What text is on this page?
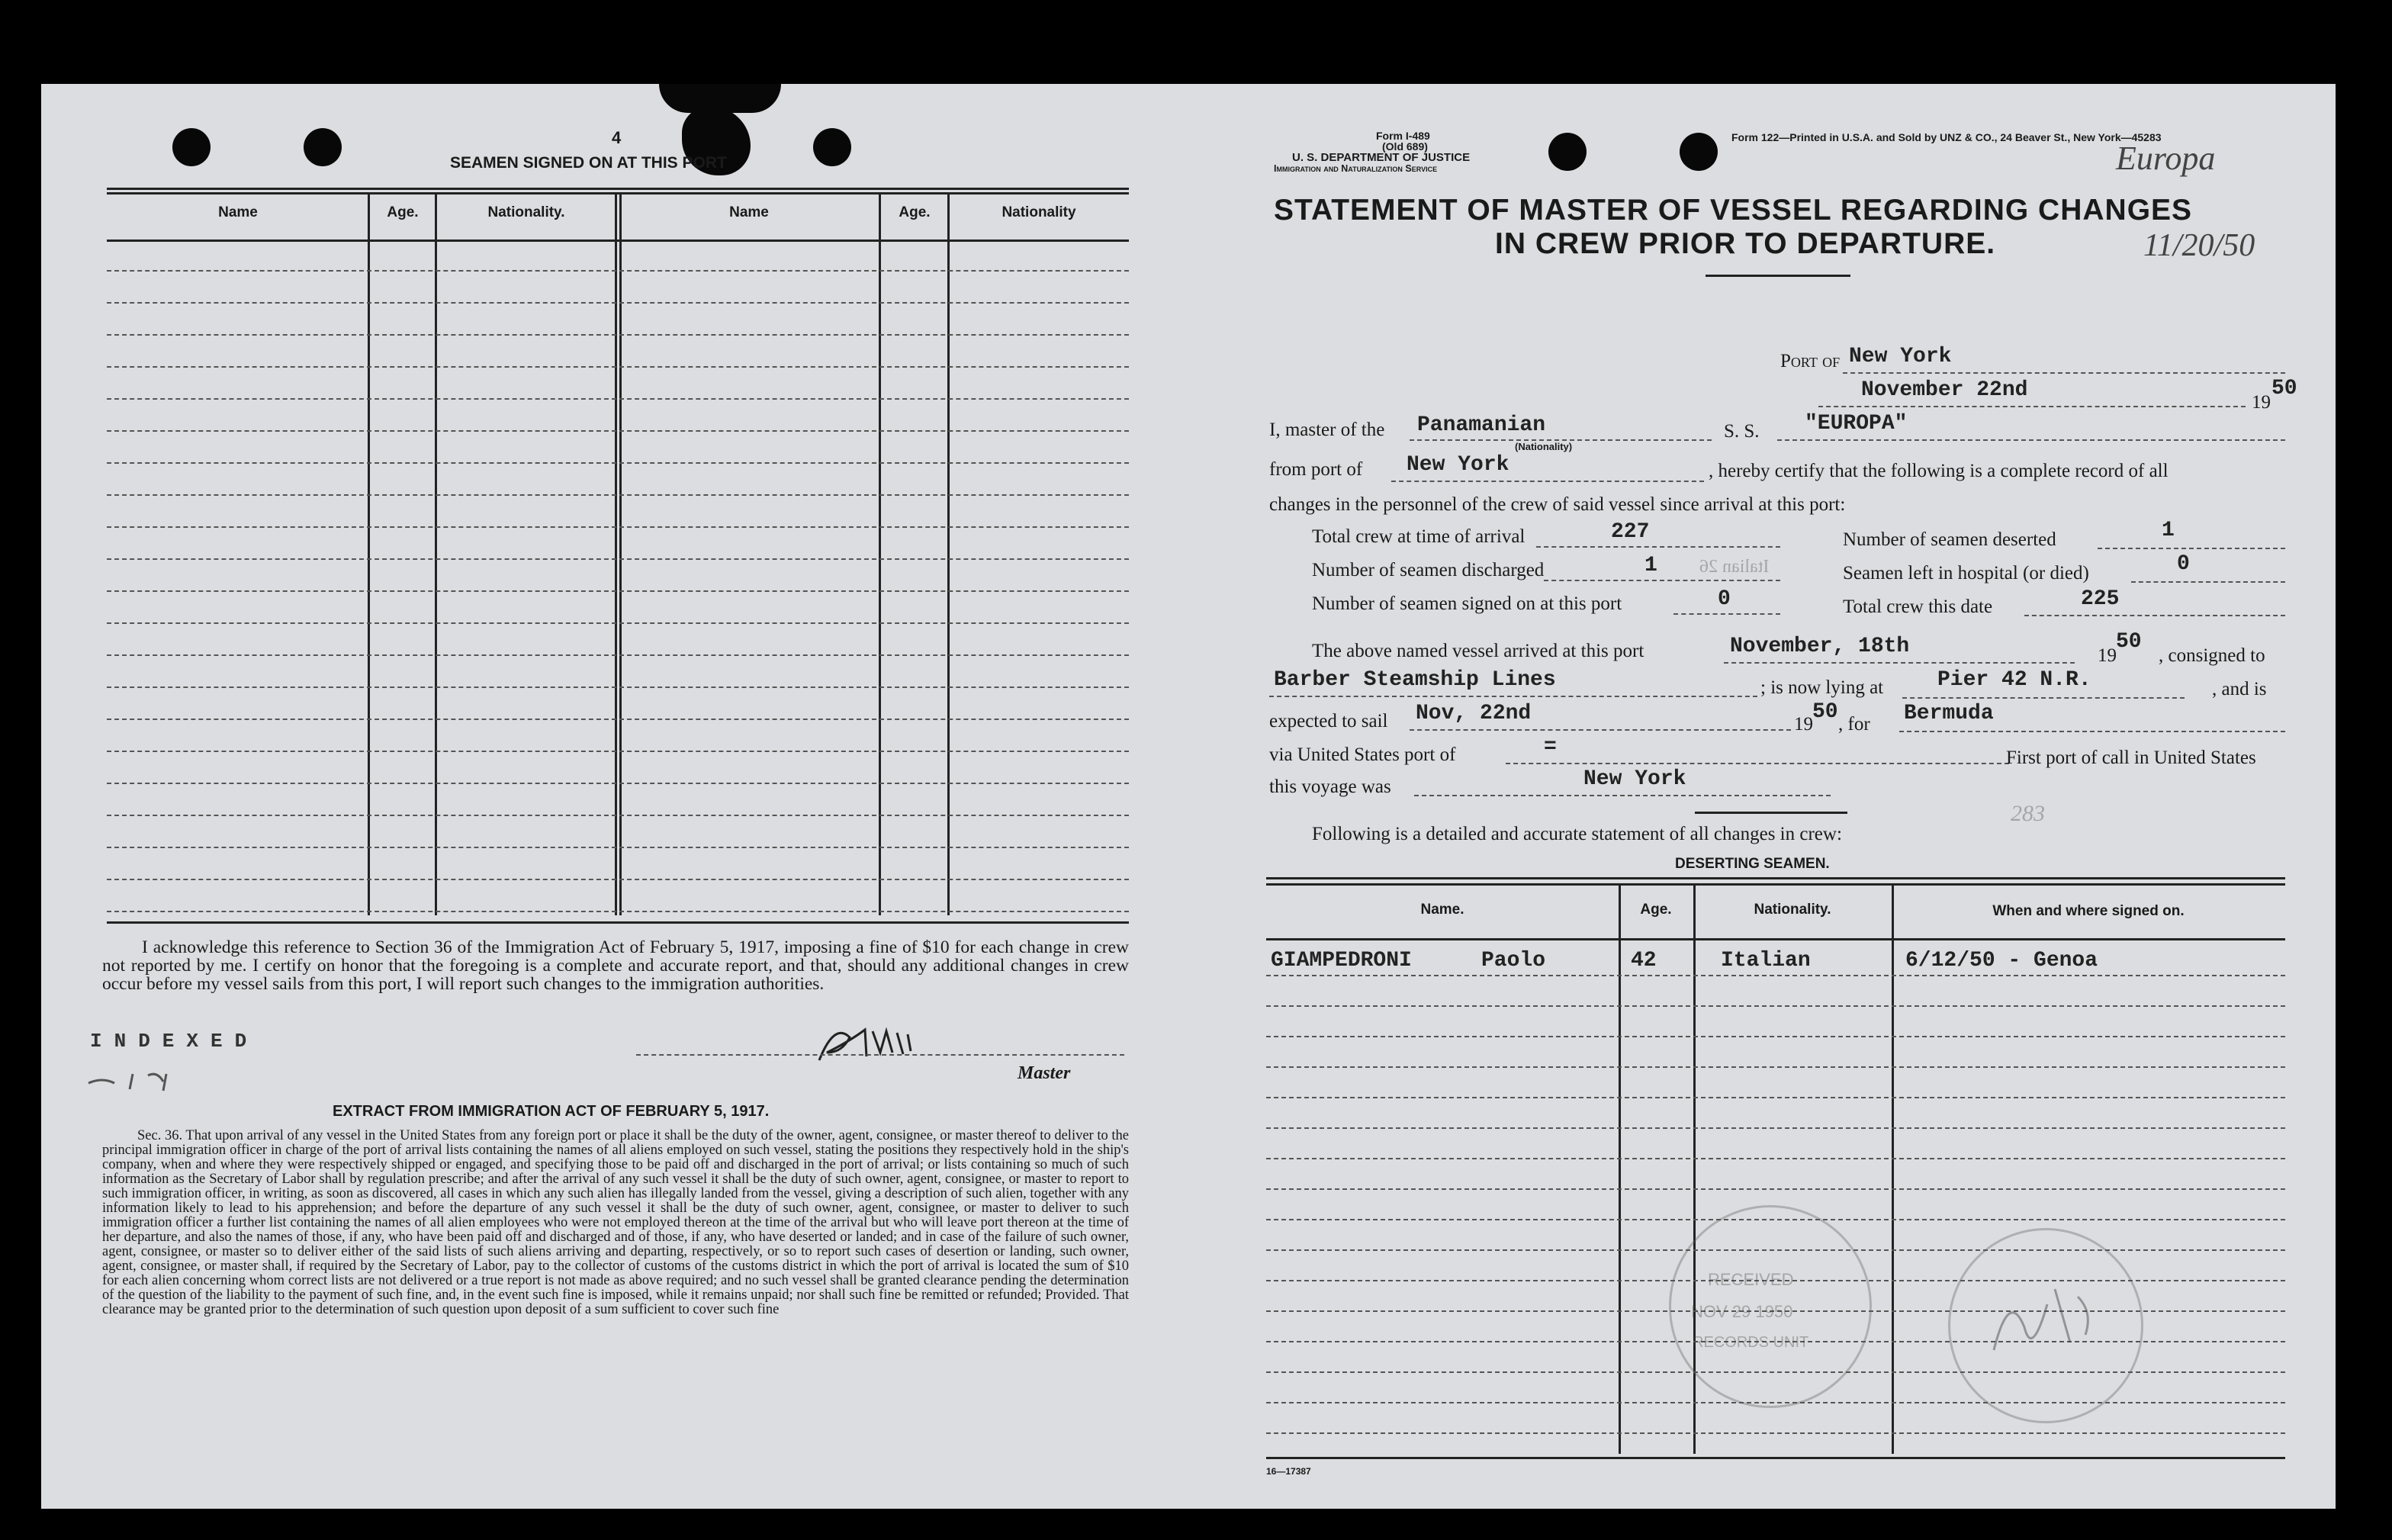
4
SEAMEN SIGNED ON AT THIS PORT
Name	Age.	Nationality.	Name	Age.	Nationality
I acknowledge this reference to Section 36 of the Immigration Act of February 5, 1917, imposing a fine of $10 for each change in crew not reported by me. I certify on honor that the foregoing is a complete and accurate report, and that, should any additional changes in crew occur before my vessel sails from this port, I will report such changes to the immigration authorities.
INDEXED
Master
EXTRACT FROM IMMIGRATION ACT OF FEBRUARY 5, 1917.
Sec. 36. That upon arrival of any vessel in the United States from any foreign port or place it shall be the duty of the owner, agent, consignee, or master thereof to deliver to the principal immigration officer in charge of the port of arrival lists containing the names of all aliens employed on such vessel, stating the positions they respectively hold in the ship's company, when and where they were respectively shipped or engaged, and specifying those to be paid off and discharged in the port of arrival; or lists containing so much of such information as the Secretary of Labor shall by regulation prescribe; and after the arrival of any such vessel it shall be the duty of such owner, agent, consignee, or master to report to such immigration officer, in writing, as soon as discovered, all cases in which any such alien has illegally landed from the vessel, giving a description of such alien, together with any information likely to lead to his apprehension; and before the departure of any such vessel it shall be the duty of such owner, agent, consignee, or master to deliver to such immigration officer a further list containing the names of all alien employees who were not employed thereon at the time of the arrival but who will leave port thereon at the time of her departure, and also the names of those, if any, who have been paid off and discharged and of those, if any, who have deserted or landed; and in case of the failure of such owner, agent, consignee, or master so to deliver either of the said lists of such aliens arriving and departing, respectively, or so to report such cases of desertion or landing, such owner, agent, consignee, or master shall, if required by the Secretary of Labor, pay to the collector of customs of the customs district in which the port of arrival is located the sum of $10 for each alien concerning whom correct lists are not delivered or a true report is not made as above required; and no such vessel shall be granted clearance pending the determination of the question of the liability to the payment of such fine, and, in the event such fine is imposed, while it remains unpaid; nor shall such fine be remitted or refunded; Provided. That clearance may be granted prior to the determination of such question upon deposit of a sum sufficient to cover such fine
Form I-489
(Old 689)
U. S. DEPARTMENT OF JUSTICE
Immigration and Naturalization Service
Form 122—Printed in U.S.A. and Sold by UNZ & CO., 24 Beaver St., New York—45283
Europa
11/20/50
STATEMENT OF MASTER OF VESSEL REGARDING CHANGES
IN CREW PRIOR TO DEPARTURE.
Port of New York
November 22nd
19
50
I, master of the Panamanian
(Nationality)
S. S. "EUROPA"
from port of New York	, hereby certify that the following is a complete record of all
changes in the personnel of the crew of said vessel since arrival at this port:
Total crew at time of arrival	227	Number of seamen deserted	1
Number of seamen discharged	1 Italian 26	Seamen left in hospital (or died)	0
Number of seamen signed on at this port	0	Total crew this date	225
The above named vessel arrived at this port	November, 18th	19
50
, consigned to
Barber Steamship Lines	; is now lying at	Pier 42 N.R.	, and is
expected to sail Nov, 22nd	19
50
, for Bermuda
via United States port of	=	First port of call in United States
this voyage was	New York
283
Following is a detailed and accurate statement of all changes in crew:
DESERTING SEAMEN.
Name.	Age.	Nationality.	When and where signed on.
GIAMPEDRONI	Paolo	42	Italian	6/12/50 - Genoa
RECEIVED
NOV 29 1950
RECORDS UNIT
16—17387
